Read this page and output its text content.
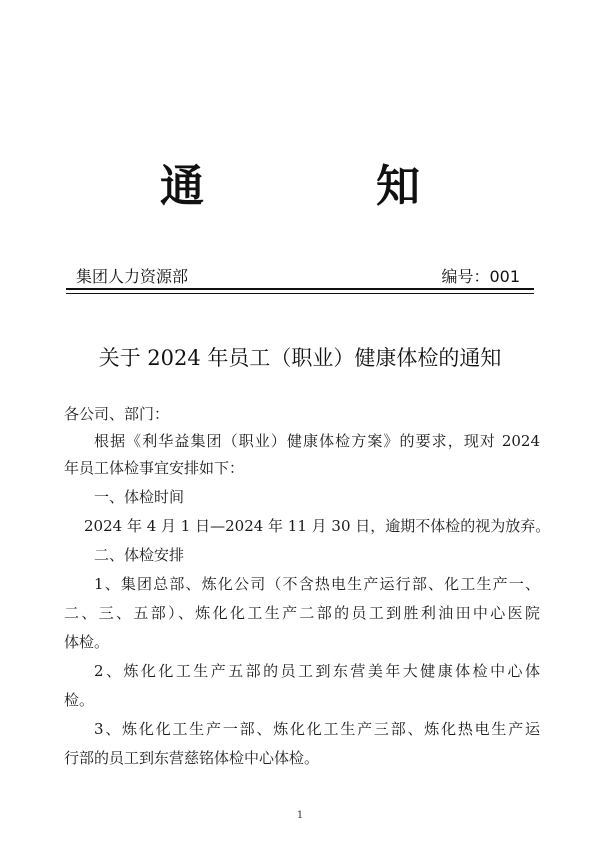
通	知
集团人力资源部	编号：001
关于 2024 年员工（职业）健康体检的通知
各公司、部门：
根据《利华益集团（职业）健康体检方案》的要求，现对 2024
年员工体检事宜安排如下：
一、体检时间
2024 年 4 月 1 日—2024 年 11 月 30 日，逾期不体检的视为放弃。
二、体检安排
1、集团总部、炼化公司（不含热电生产运行部、化工生产一、
二、三、五部）、炼化化工生产二部的员工到胜利油田中心医院
体检。
2、炼化化工生产五部的员工到东营美年大健康体检中心体
检。
3、炼化化工生产一部、炼化化工生产三部、炼化热电生产运
行部的员工到东营慈铭体检中心体检。
1
